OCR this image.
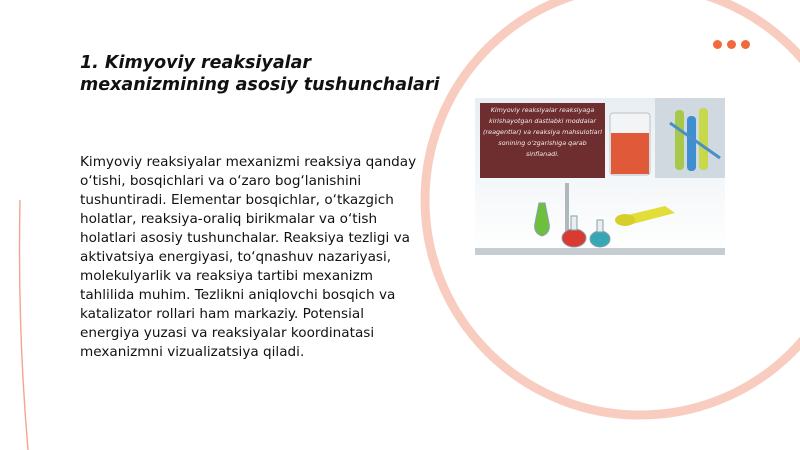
1. Kimyoviy reaksiyalar mexanizmining asosiy tushunchalari

Kimyoviy reaksiyalar mexanizmi reaksiya qanday o‘tishi, bosqichlari va o‘zaro bog‘lanishini tushuntiradi. Elementar bosqichlar, o‘tkazgich holatlar, reaksiya-oraliq birikmalar va o‘tish holatlari asosiy tushunchalar. Reaksiya tezligi va aktivatsiya energiyasi, to‘qnashuv nazariyasi, molekulyarlik va reaksiya tartibi mexanizm tahlilida muhim. Tezlikni aniqlovchi bosqich va katalizator rollari ham markaziy. Potensial energiya yuzasi va reaksiyalar koordinatasi mexanizmni vizualizatsiya qiladi.

Kimyoviy reaksiyalar reaksiyaga kirishayotgan dastlabki moddalar (reagentlar) va reaksiya mahsulotlari sonining o‘zgarishiga qarab sinflanadi.
